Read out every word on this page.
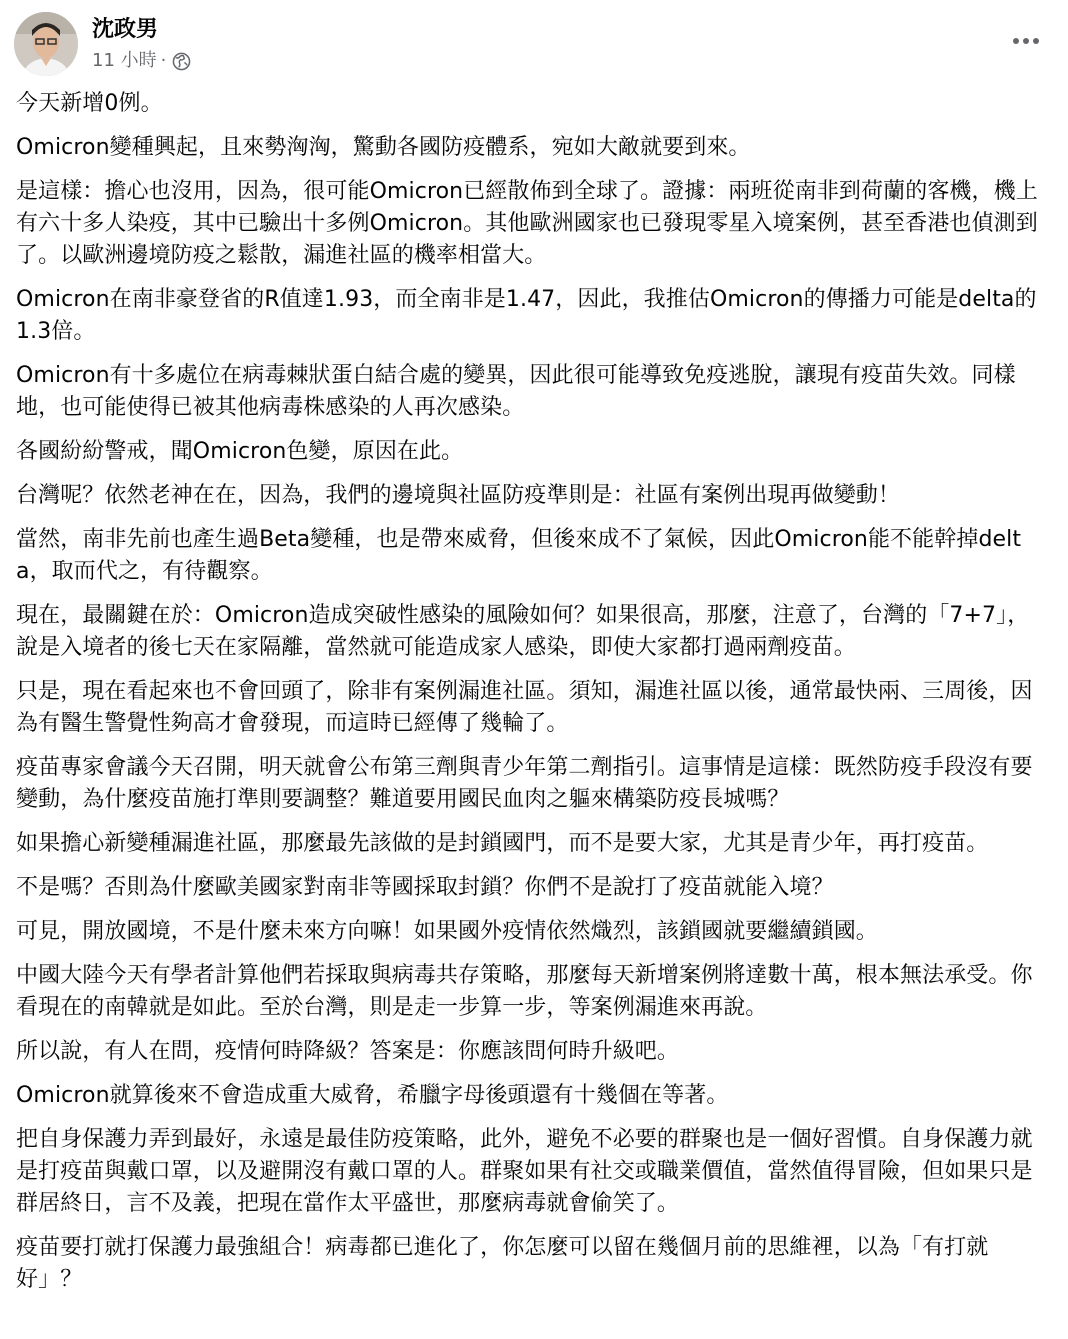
沈政男
11 小時 ·

今天新增0例。

Omicron變種興起，且來勢洶洶，驚動各國防疫體系，宛如大敵就要到來。

是這樣：擔心也沒用，因為，很可能Omicron已經散佈到全球了。證據：兩班從南非到荷蘭的客機，機上有六十多人染疫，其中已驗出十多例Omicron。其他歐洲國家也已發現零星入境案例，甚至香港也偵測到了。以歐洲邊境防疫之鬆散，漏進社區的機率相當大。

Omicron在南非豪登省的R值達1.93，而全南非是1.47，因此，我推估Omicron的傳播力可能是delta的1.3倍。

Omicron有十多處位在病毒棘狀蛋白結合處的變異，因此很可能導致免疫逃脫，讓現有疫苗失效。同樣地，也可能使得已被其他病毒株感染的人再次感染。

各國紛紛警戒，聞Omicron色變，原因在此。

台灣呢？依然老神在在，因為，我們的邊境與社區防疫準則是：社區有案例出現再做變動！

當然，南非先前也產生過Beta變種，也是帶來威脅，但後來成不了氣候，因此Omicron能不能幹掉delta，取而代之，有待觀察。

現在，最關鍵在於：Omicron造成突破性感染的風險如何？如果很高，那麼，注意了，台灣的「7+7」，說是入境者的後七天在家隔離，當然就可能造成家人感染，即使大家都打過兩劑疫苗。

只是，現在看起來也不會回頭了，除非有案例漏進社區。須知，漏進社區以後，通常最快兩、三周後，因為有醫生警覺性夠高才會發現，而這時已經傳了幾輪了。

疫苗專家會議今天召開，明天就會公布第三劑與青少年第二劑指引。這事情是這樣：既然防疫手段沒有要變動，為什麼疫苗施打準則要調整？難道要用國民血肉之軀來構築防疫長城嗎？

如果擔心新變種漏進社區，那麼最先該做的是封鎖國門，而不是要大家，尤其是青少年，再打疫苗。

不是嗎？否則為什麼歐美國家對南非等國採取封鎖？你們不是說打了疫苗就能入境？

可見，開放國境，不是什麼未來方向嘛！如果國外疫情依然熾烈，該鎖國就要繼續鎖國。

中國大陸今天有學者計算他們若採取與病毒共存策略，那麼每天新增案例將達數十萬，根本無法承受。你看現在的南韓就是如此。至於台灣，則是走一步算一步，等案例漏進來再說。

所以說，有人在問，疫情何時降級？答案是：你應該問何時升級吧。

Omicron就算後來不會造成重大威脅，希臘字母後頭還有十幾個在等著。

把自身保護力弄到最好，永遠是最佳防疫策略，此外，避免不必要的群聚也是一個好習慣。自身保護力就是打疫苗與戴口罩，以及避開沒有戴口罩的人。群聚如果有社交或職業價值，當然值得冒險，但如果只是群居終日，言不及義，把現在當作太平盛世，那麼病毒就會偷笑了。

疫苗要打就打保護力最強組合！病毒都已進化了，你怎麼可以留在幾個月前的思維裡，以為「有打就好」？
